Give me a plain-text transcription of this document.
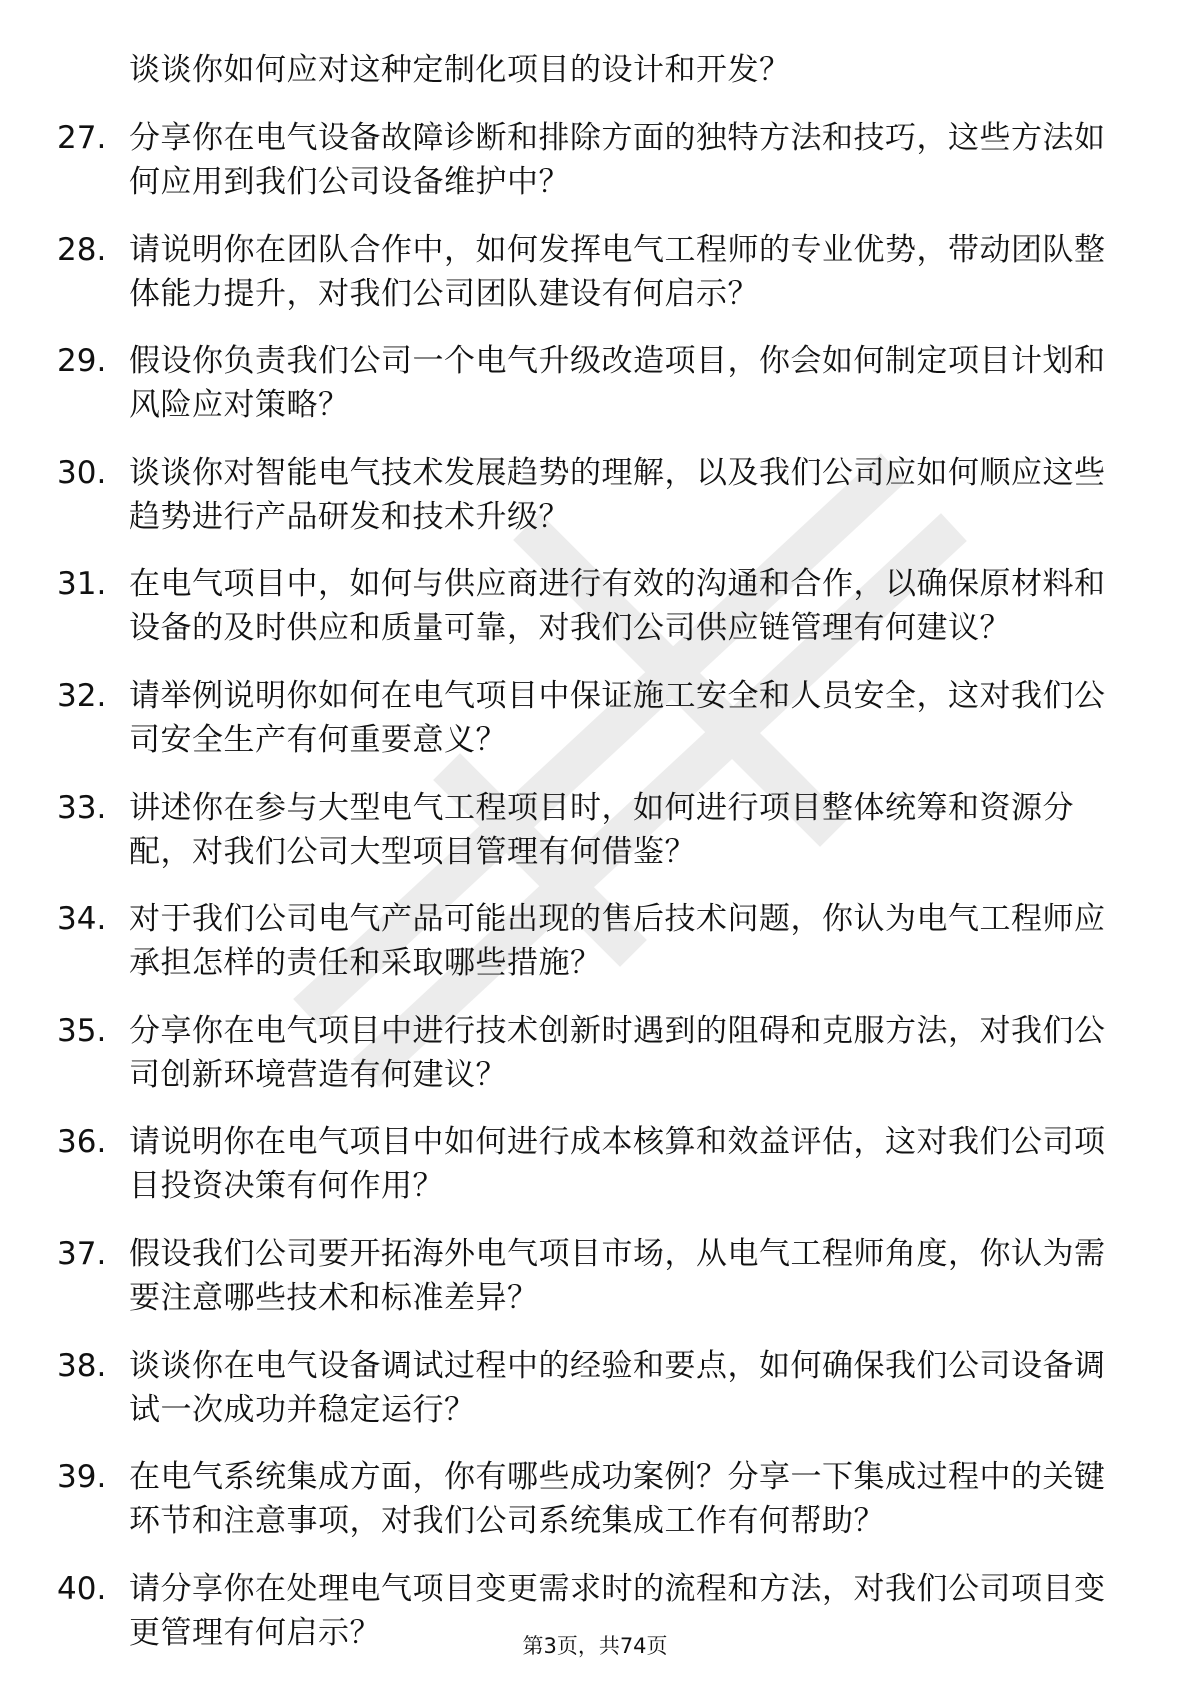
谈谈你如何应对这种定制化项目的设计和开发？
27. 分享你在电气设备故障诊断和排除方面的独特方法和技巧，这些方法如何应用到我们公司设备维护中？
28. 请说明你在团队合作中，如何发挥电气工程师的专业优势，带动团队整体能力提升，对我们公司团队建设有何启示？
29. 假设你负责我们公司一个电气升级改造项目，你会如何制定项目计划和风险应对策略？
30. 谈谈你对智能电气技术发展趋势的理解，以及我们公司应如何顺应这些趋势进行产品研发和技术升级？
31. 在电气项目中，如何与供应商进行有效的沟通和合作，以确保原材料和设备的及时供应和质量可靠，对我们公司供应链管理有何建议？
32. 请举例说明你如何在电气项目中保证施工安全和人员安全，这对我们公司安全生产有何重要意义？
33. 讲述你在参与大型电气工程项目时，如何进行项目整体统筹和资源分配，对我们公司大型项目管理有何借鉴？
34. 对于我们公司电气产品可能出现的售后技术问题，你认为电气工程师应承担怎样的责任和采取哪些措施？
35. 分享你在电气项目中进行技术创新时遇到的阻碍和克服方法，对我们公司创新环境营造有何建议？
36. 请说明你在电气项目中如何进行成本核算和效益评估，这对我们公司项目投资决策有何作用？
37. 假设我们公司要开拓海外电气项目市场，从电气工程师角度，你认为需要注意哪些技术和标准差异？
38. 谈谈你在电气设备调试过程中的经验和要点，如何确保我们公司设备调试一次成功并稳定运行？
39. 在电气系统集成方面，你有哪些成功案例？分享一下集成过程中的关键环节和注意事项，对我们公司系统集成工作有何帮助？
40. 请分享你在处理电气项目变更需求时的流程和方法，对我们公司项目变更管理有何启示？	第3页，共74页
